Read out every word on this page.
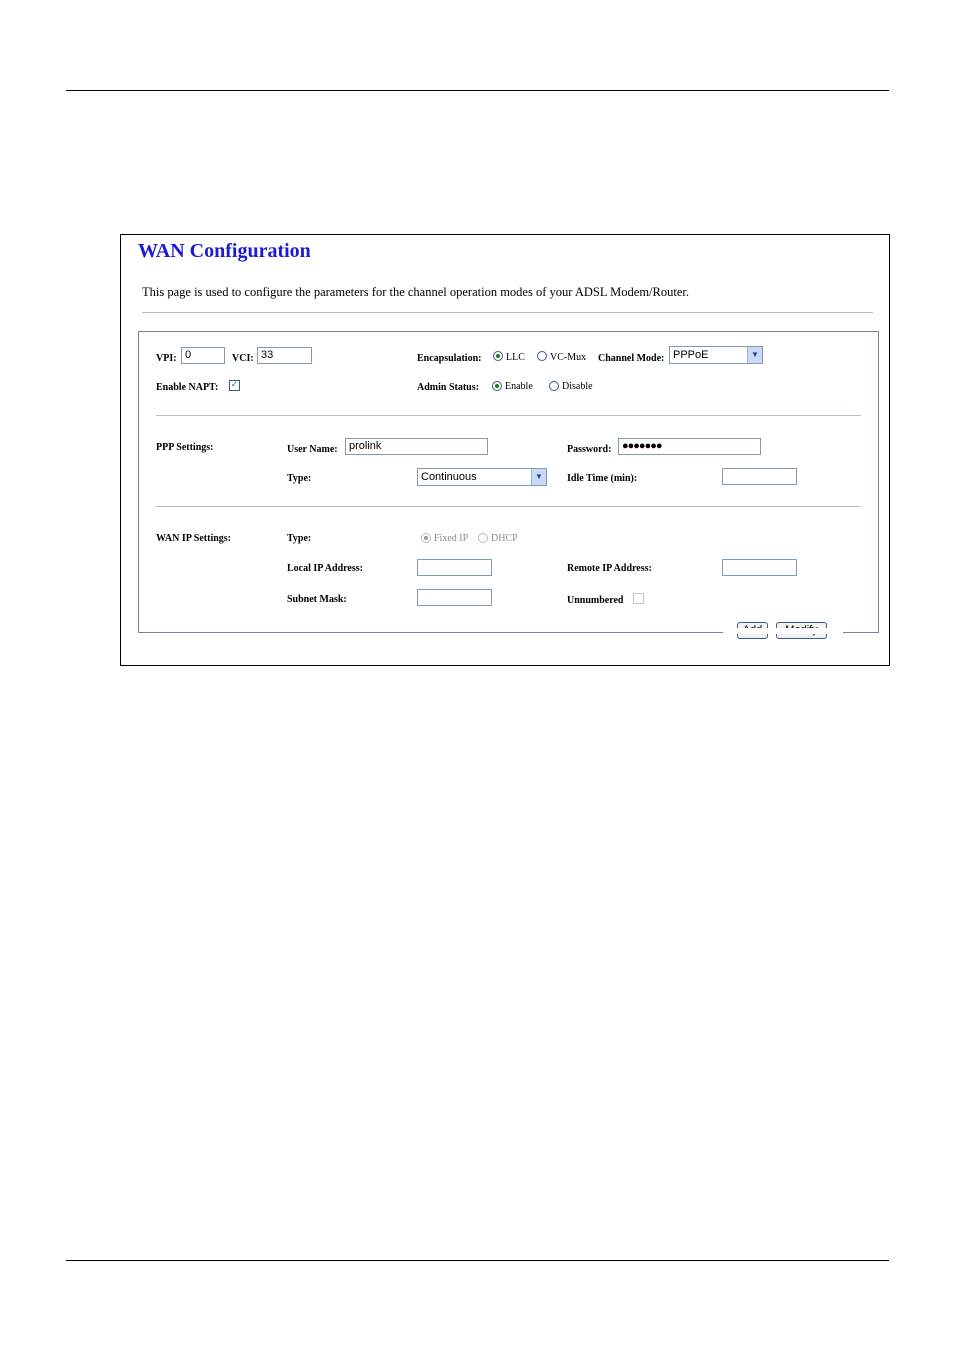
WAN Configuration
This page is used to configure the parameters for the channel operation modes of your ADSL Modem/Router.
VPI: 0	VCI: 33	Encapsulation: LLC	VC-Mux Channel Mode: PPPoE	▼
Enable NAPT: ✓	Admin Status:	Enable	Disable
PPP Settings:	User Name:	prolink	Password: ●●●●●●●
Type:	Continuous	▼	Idle Time (min):
WAN IP Settings:	Type:	Fixed IP DHCP
Local IP Address:	Remote IP Address:
Subnet Mask:	Unnumbered
